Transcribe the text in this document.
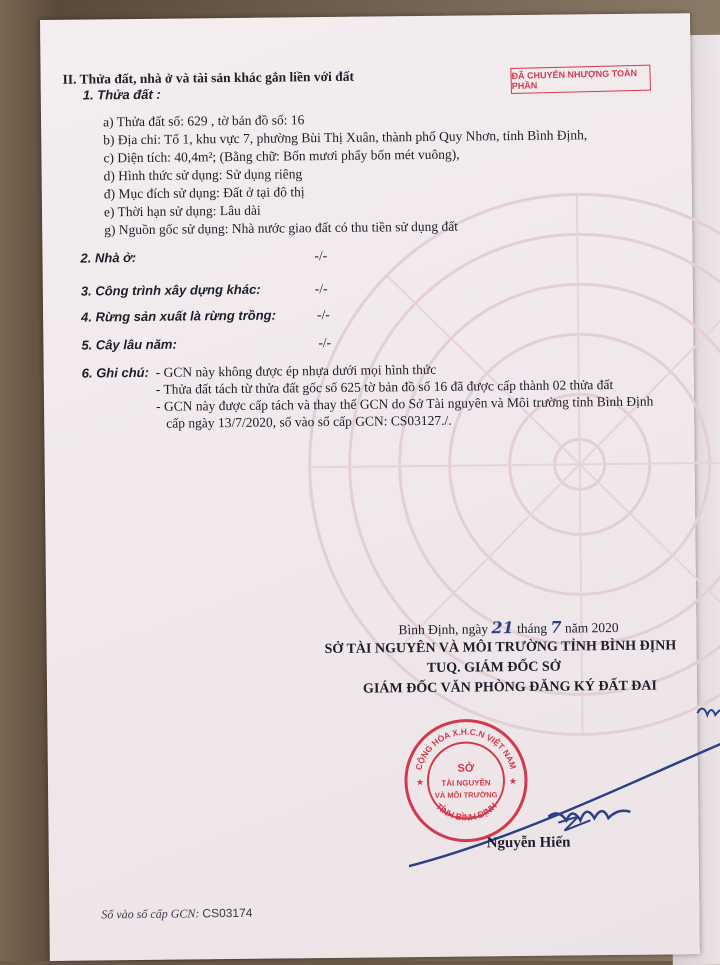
ĐÃ CHUYỂN NHƯỢNG TOÀN PHẦN
II. Thửa đất, nhà ở và tài sản khác gắn liền với đất
1. Thửa đất :
a) Thửa đất số: 629 , tờ bản đồ số: 16
b) Địa chỉ: Tổ 1, khu vực 7, phường Bùi Thị Xuân, thành phố Quy Nhơn, tỉnh Bình Định,
c) Diện tích: 40,4m²; (Bằng chữ: Bốn mươi phẩy bốn mét vuông),
d) Hình thức sử dụng: Sử dụng riêng
đ) Mục đích sử dụng: Đất ở tại đô thị
e) Thời hạn sử dụng: Lâu dài
g) Nguồn gốc sử dụng: Nhà nước giao đất có thu tiền sử dụng đất
2. Nhà ở:	-/-
3. Công trình xây dựng khác:	-/-
4. Rừng sản xuất là rừng trồng:	-/-
5. Cây lâu năm:	-/-
6. Ghi chú: - GCN này không được ép nhựa dưới mọi hình thức
- Thửa đất tách từ thửa đất gốc số 625 tờ bản đồ số 16 đã được cấp thành 02 thửa đất
- GCN này được cấp tách và thay thế GCN do Sở Tài nguyên và Môi trường tỉnh Bình Định
cấp ngày 13/7/2020, số vào sổ cấp GCN: CS03127./.
Bình Định, ngày 21 tháng 7 năm 2020
SỞ TÀI NGUYÊN VÀ MÔI TRƯỜNG TỈNH BÌNH ĐỊNH
TUQ. GIÁM ĐỐC SỞ
GIÁM ĐỐC VĂN PHÒNG ĐĂNG KÝ ĐẤT ĐAI
CỘNG HÒA X.H.C.N VIỆT NAM
TỈNH BÌNH ĐỊNH
SỞ
TÀI NGUYÊN
VÀ MÔI TRƯỜNG
★	★
Nguyễn Hiến
Số vào sổ cấp GCN: CS03174
